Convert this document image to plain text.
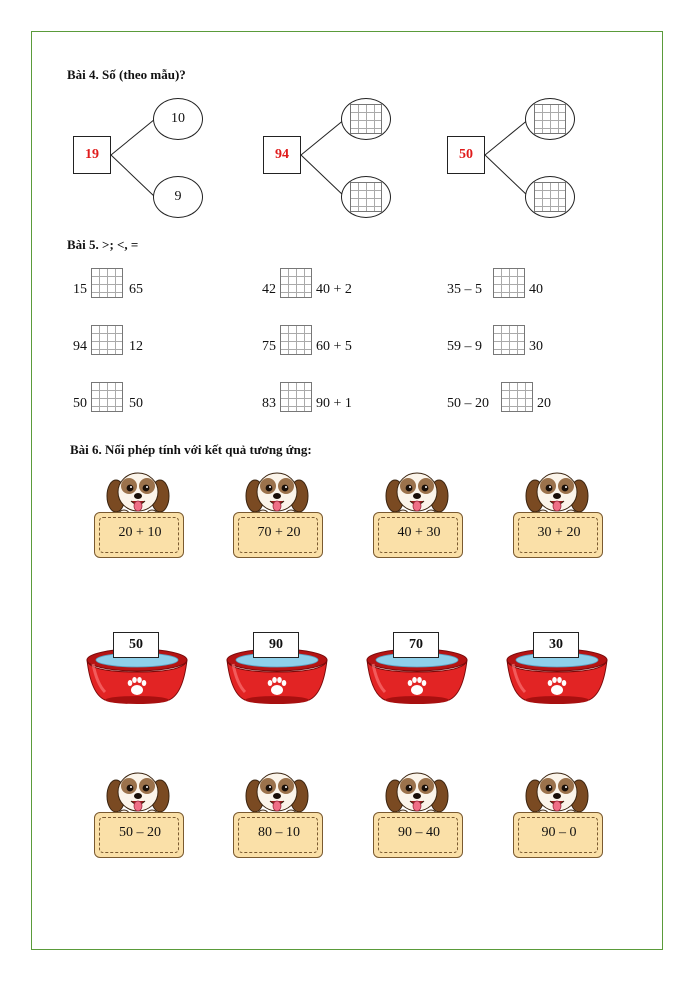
Bài 4. Số (theo mẫu)?
19
10
9
94	50
Bài 5. >; <, =
15	65	42	40 + 2	35 – 5	40
94	12	75	60 + 5	59 – 9	30
50	50	83	90 + 1	50 – 20	20
Bài 6. Nối phép tính với kết quả tương ứng:
20 + 10	70 + 20	40 + 30	30 + 20
50	90	70	30
50 – 20	80 – 10	90 – 40	90 – 0
